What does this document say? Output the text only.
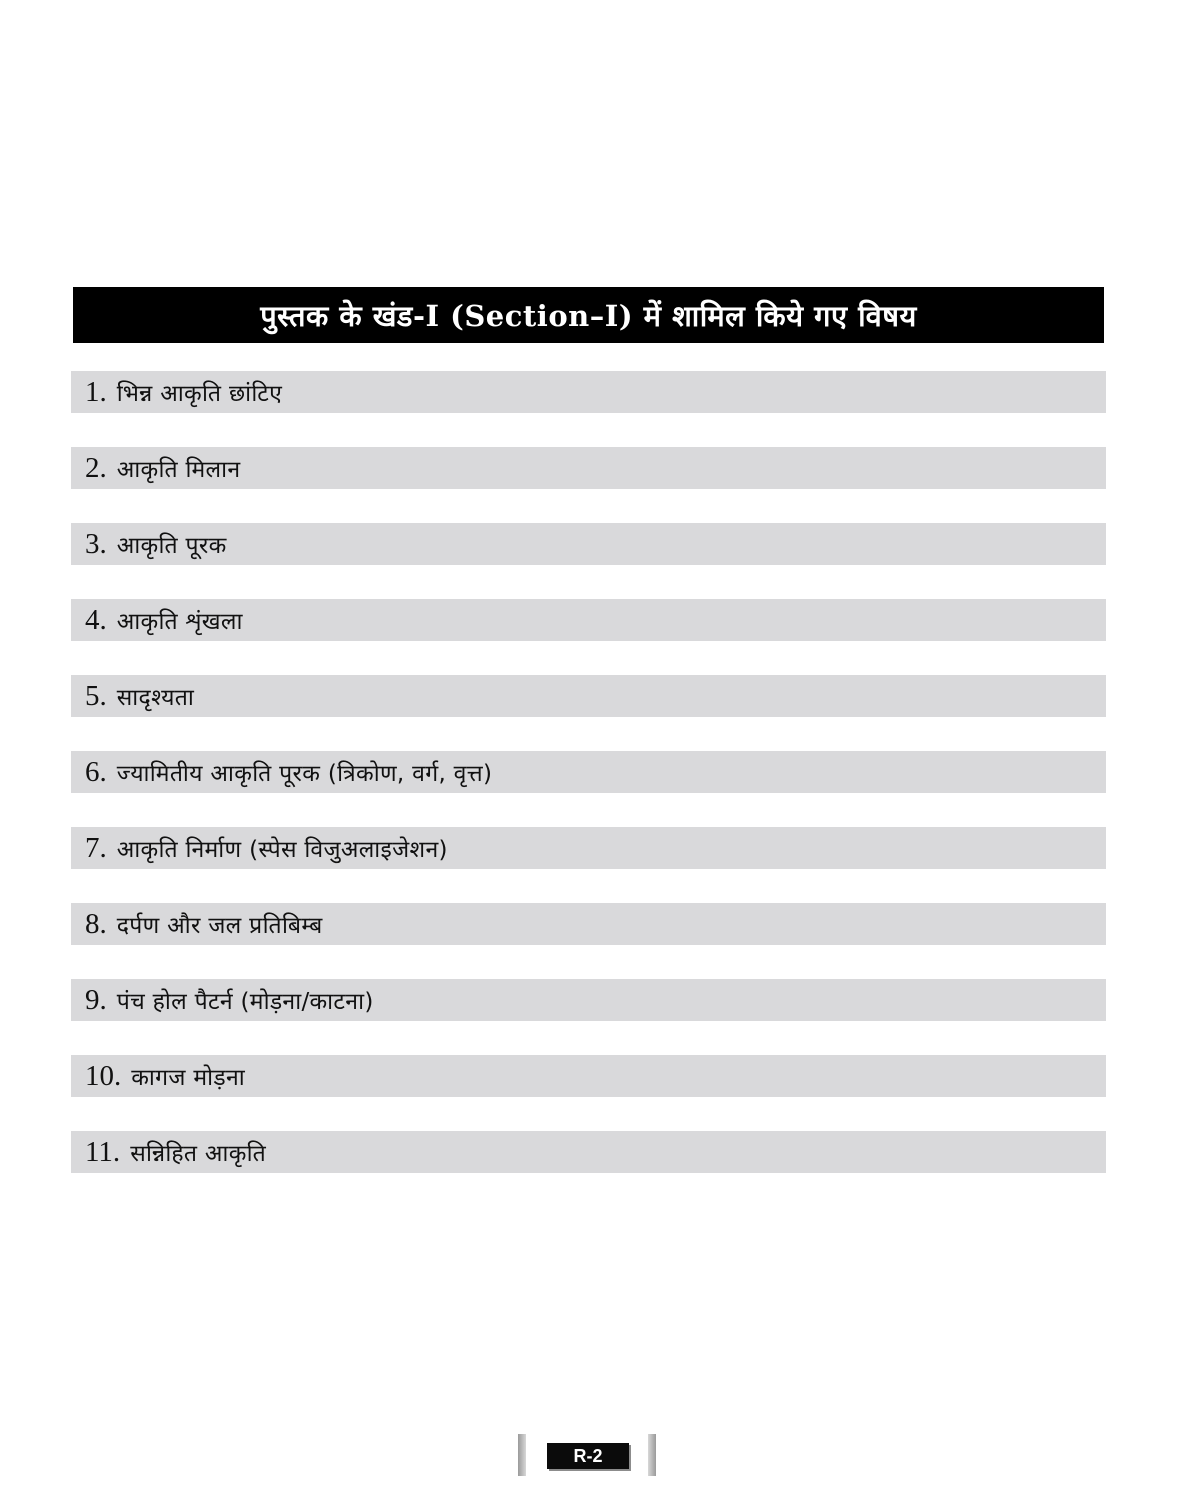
पुस्तक के खंड-I (Section–I) में शामिल किये गए विषय
1. भिन्न आकृति छांटिए
2. आकृति मिलान
3. आकृति पूरक
4. आकृति शृंखला
5. सादृश्यता
6. ज्यामितीय आकृति पूरक (त्रिकोण, वर्ग, वृत्त)
7. आकृति निर्माण (स्पेस विजुअलाइजेशन)
8. दर्पण और जल प्रतिबिम्ब
9. पंच होल पैटर्न (मोड़ना/काटना)
10. कागज मोड़ना
11. सन्निहित आकृति
R-2
